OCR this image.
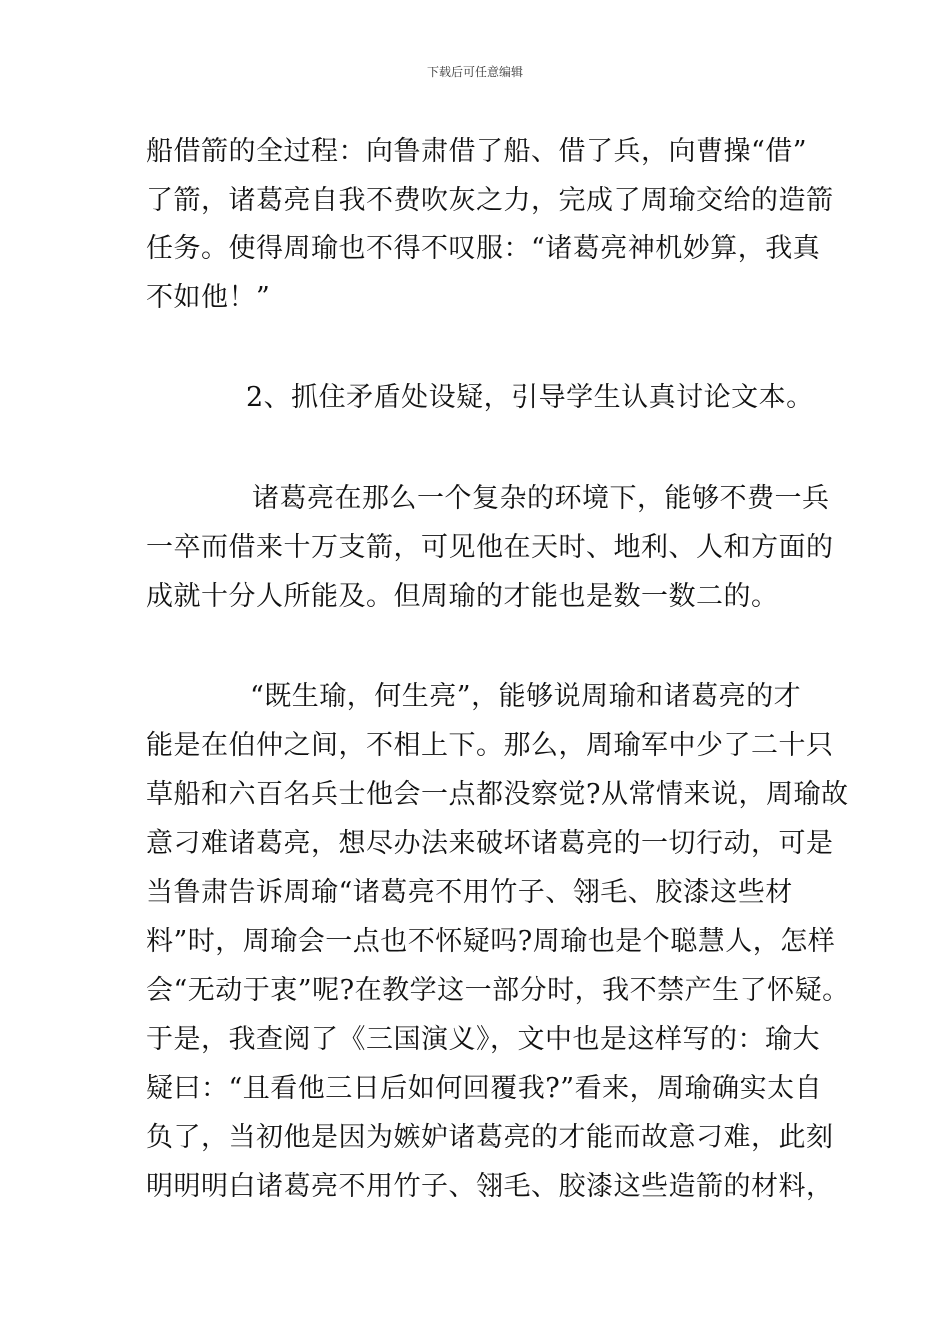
下载后可任意编辑
船借箭的全过程：向鲁肃借了船、借了兵，向曹操“借”
了箭，诸葛亮自我不费吹灰之力，完成了周瑜交给的造箭
任务。使得周瑜也不得不叹服：“诸葛亮神机妙算，我真
不如他！”
2、抓住矛盾处设疑，引导学生认真讨论文本。
诸葛亮在那么一个复杂的环境下，能够不费一兵
一卒而借来十万支箭，可见他在天时、地利、人和方面的
成就十分人所能及。但周瑜的才能也是数一数二的。
“既生瑜，何生亮”，能够说周瑜和诸葛亮的才
能是在伯仲之间，不相上下。那么，周瑜军中少了二十只
草船和六百名兵士他会一点都没察觉?从常情来说，周瑜故
意刁难诸葛亮，想尽办法来破坏诸葛亮的一切行动，可是
当鲁肃告诉周瑜“诸葛亮不用竹子、翎毛、胶漆这些材
料”时，周瑜会一点也不怀疑吗?周瑜也是个聪慧人，怎样
会“无动于衷”呢?在教学这一部分时，我不禁产生了怀疑。
于是，我查阅了《三国演义》，文中也是这样写的：瑜大
疑曰：“且看他三日后如何回覆我?”看来，周瑜确实太自
负了，当初他是因为嫉妒诸葛亮的才能而故意刁难，此刻
明明明白诸葛亮不用竹子、翎毛、胶漆这些造箭的材料，
